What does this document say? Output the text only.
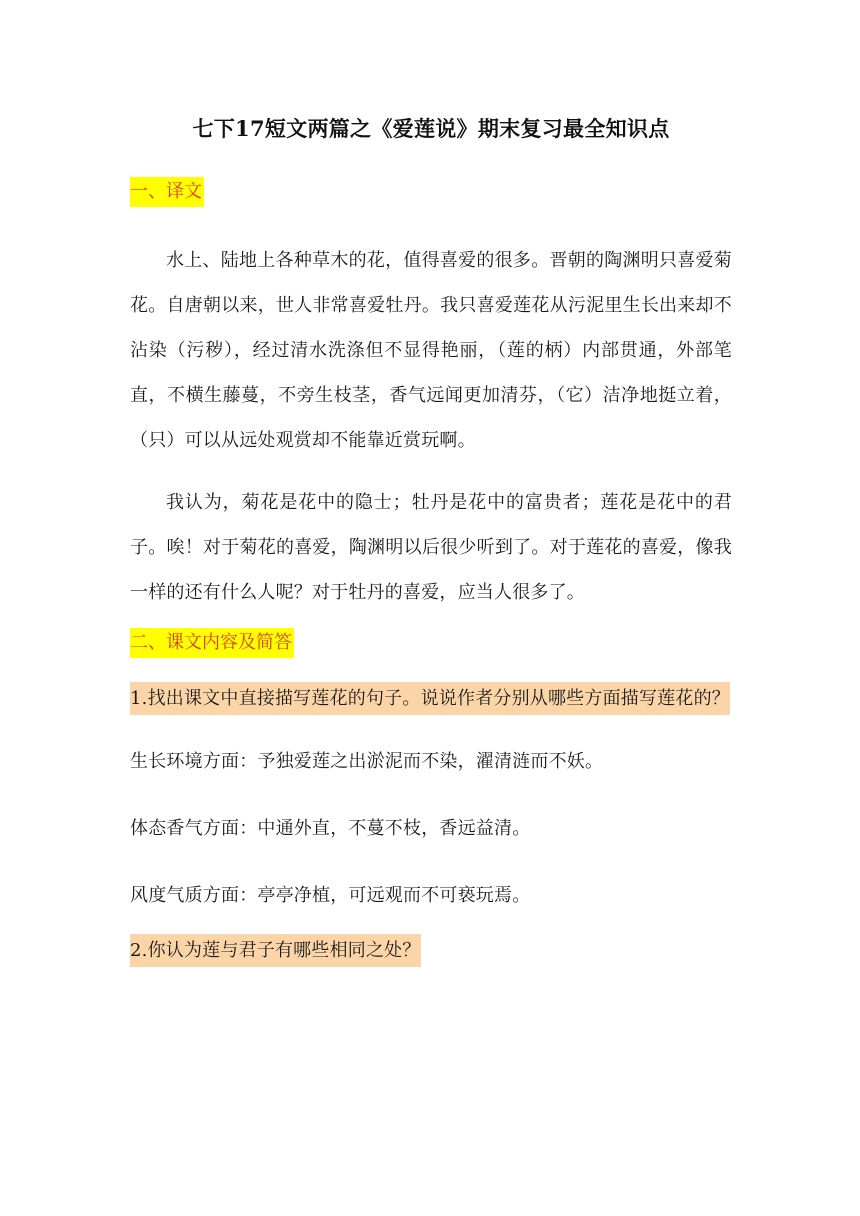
七下17短文两篇之《爱莲说》期末复习最全知识点
一、译文

水上、陆地上各种草木的花，值得喜爱的很多。晋朝的陶渊明只喜爱菊花。自唐朝以来，世人非常喜爱牡丹。我只喜爱莲花从污泥里生长出来却不沾染（污秽），经过清水洗涤但不显得艳丽，（莲的柄）内部贯通，外部笔直，不横生藤蔓，不旁生枝茎，香气远闻更加清芬，（它）洁净地挺立着，（只）可以从远处观赏却不能靠近赏玩啊。

我认为，菊花是花中的隐士；牡丹是花中的富贵者；莲花是花中的君子。唉！对于菊花的喜爱，陶渊明以后很少听到了。对于莲花的喜爱，像我一样的还有什么人呢？对于牡丹的喜爱，应当人很多了。

二、课文内容及简答
1.找出课文中直接描写莲花的句子。说说作者分别从哪些方面描写莲花的？

生长环境方面：予独爱莲之出淤泥而不染，濯清涟而不妖。

体态香气方面：中通外直，不蔓不枝，香远益清。

风度气质方面：亭亭净植，可远观而不可亵玩焉。

2.你认为莲与君子有哪些相同之处？
